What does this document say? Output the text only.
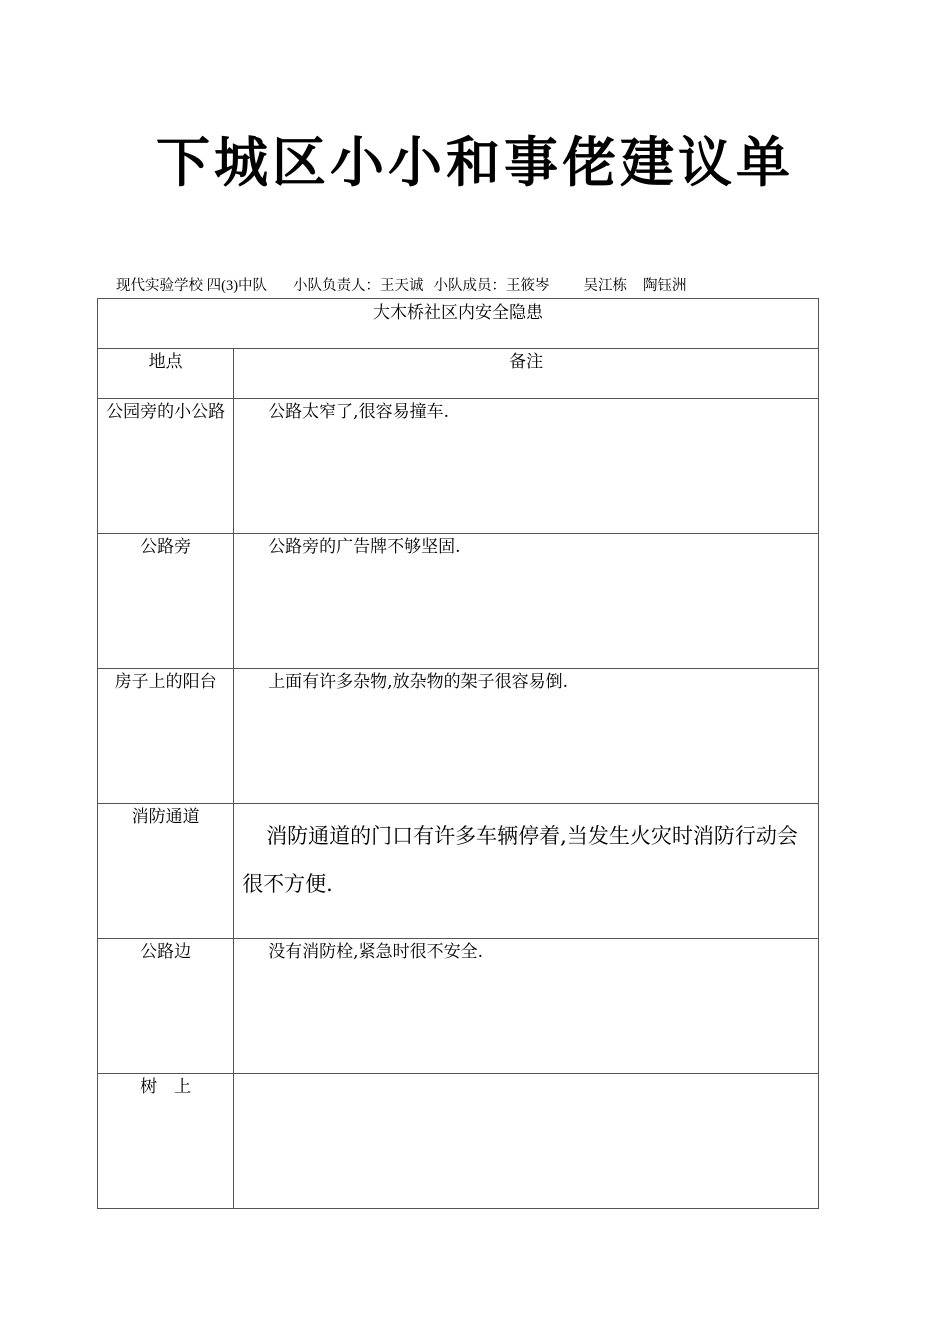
下城区小小和事佬建议单
现代实验学校 四(3)中队 小队负责人：王天诚 小队成员：王筱岑 吴江栋 陶钰洲
大木桥社区内安全隐患	

地点	备注

公园旁的小公路	公路太窄了,很容易撞车.

公路旁	公路旁的广告牌不够坚固.

房子上的阳台	上面有许多杂物,放杂物的架子很容易倒.

消防通道	消防通道的门口有许多车辆停着,当发生火灾时消防行动会很不方便.

公路边	没有消防栓,紧急时很不安全.

树　上	
